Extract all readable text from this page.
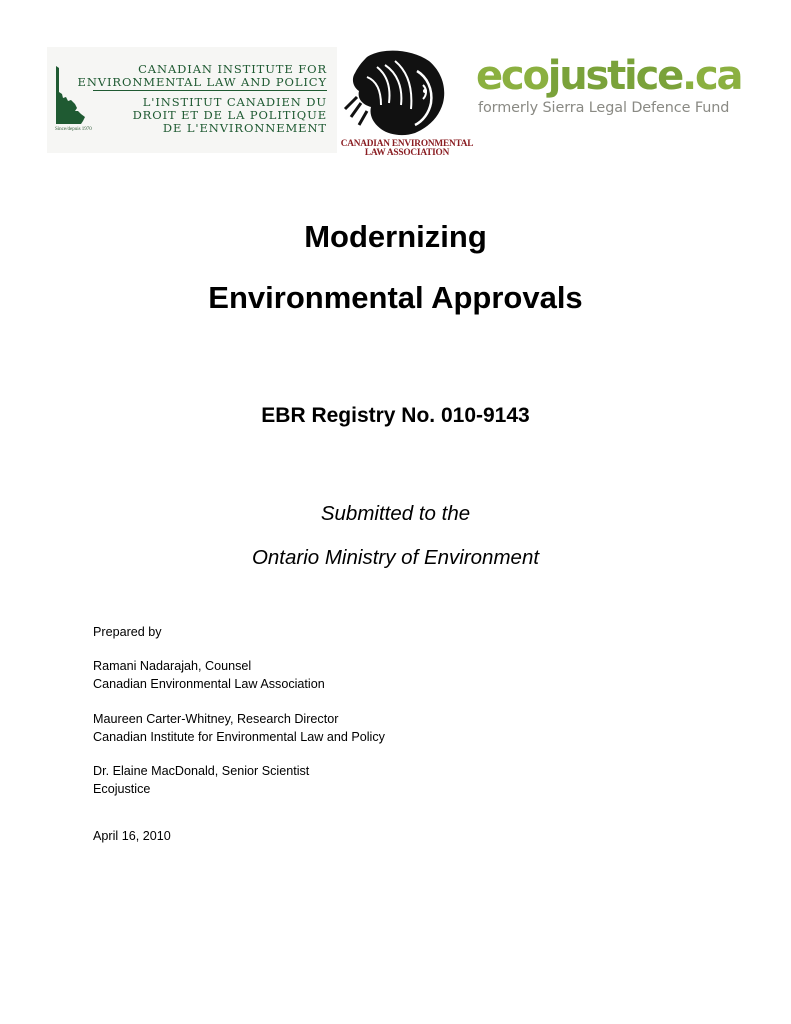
Since/depuis 1970
CANADIAN INSTITUTE FOR
ENVIRONMENTAL LAW AND POLICY
L'INSTITUT CANADIEN DU
DROIT ET DE LA POLITIQUE
DE L'ENVIRONNEMENT
CANADIAN ENVIRONMENTAL
LAW ASSOCIATION
ecojustice.ca
formerly Sierra Legal Defence Fund
Modernizing
Environmental Approvals
EBR Registry No. 010-9143
Submitted to the
Ontario Ministry of Environment
Prepared by
Ramani Nadarajah, Counsel
Canadian Environmental Law Association
Maureen Carter-Whitney, Research Director
Canadian Institute for Environmental Law and Policy
Dr. Elaine MacDonald, Senior Scientist
Ecojustice
April 16, 2010
